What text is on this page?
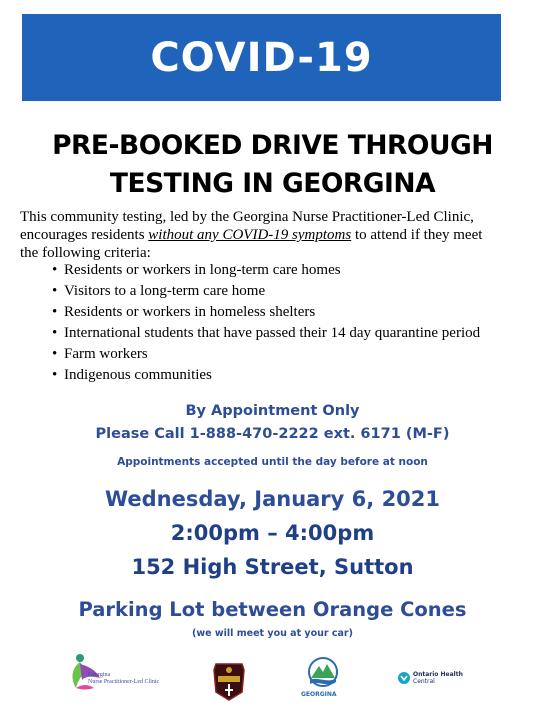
COVID-19
PRE-BOOKED DRIVE THROUGH
TESTING IN GEORGINA
This community testing, led by the Georgina Nurse Practitioner-Led Clinic,
encourages residents without any COVID-19 symptoms to attend if they meet
the following criteria:
• Residents or workers in long-term care homes
• Visitors to a long-term care home
• Residents or workers in homeless shelters
• International students that have passed their 14 day quarantine period
• Farm workers
• Indigenous communities
By Appointment Only
Please Call 1-888-470-2222 ext. 6171 (M-F)
Appointments accepted until the day before at noon
Wednesday, January 6, 2021
2:00pm – 4:00pm
152 High Street, Sutton
Parking Lot between Orange Cones
(we will meet you at your car)
Georgina
Nurse Practitioner-Led Clinic
GEORGINA
Ontario Health
Central
